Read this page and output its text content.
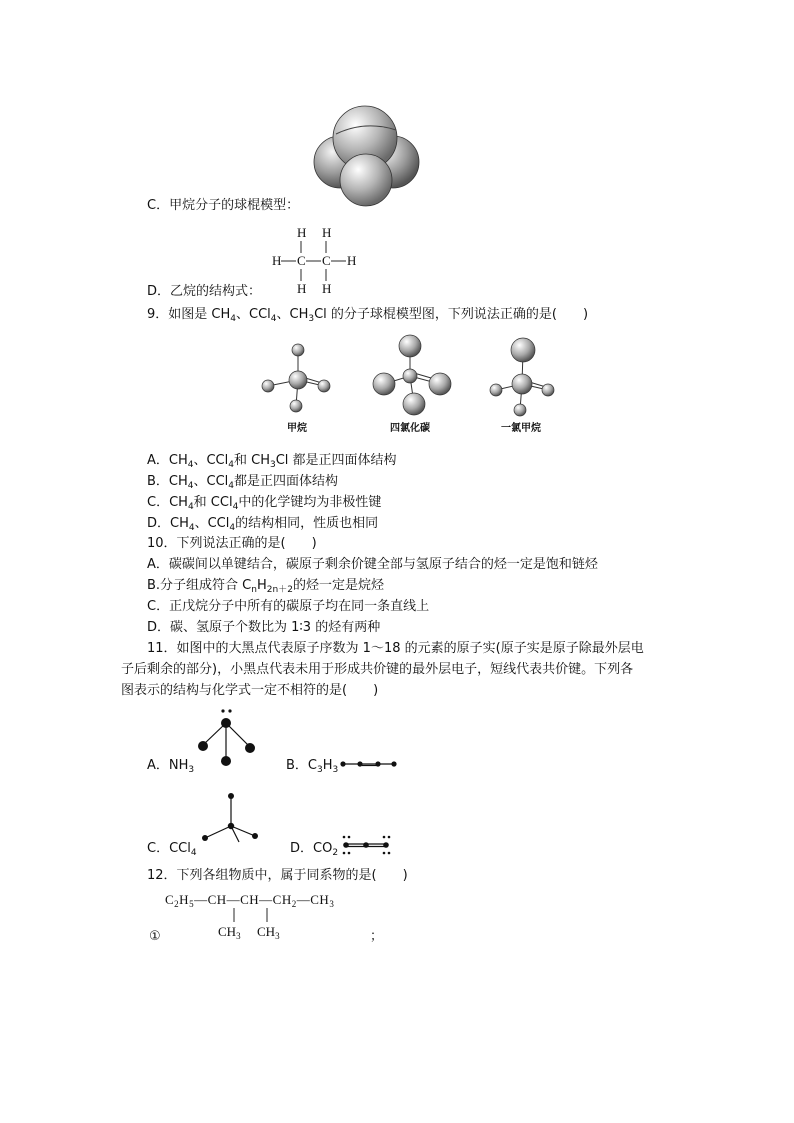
C．甲烷分子的球棍模型：
H H
H C C H
H H
D．乙烷的结构式：
9．如图是 $CH_4$、CCl$_4$、$CH_3Cl$ 的分子球棍模型图，下列说法正确的是(　　)
甲烷	四氯化碳	一氯甲烷
A．$CH_4$、CCl$_4$和 $CH_3Cl$ 都是正四面体结构
B．$CH_4$、CCl$_4$都是正四面体结构
C．$CH_4$和 CCl$_4$中的化学键均为非极性键
D．$CH_4$、CCl$_4$的结构相同，性质也相同
10．下列说法正确的是(　　)
A．碳碳间以单键结合，碳原子剩余价键全部与氢原子结合的烃一定是饱和链烃
B.分子组成符合 $C_nH_{2n+2}$的烃一定是烷烃
C．正戊烷分子中所有的碳原子均在同一条直线上
D．碳、氢原子个数比为 1∶3 的烃有两种
11．如图中的大黑点代表原子序数为 1～18 的元素的原子实(原子实是原子除最外层电
子后剩余的部分)，小黑点代表未用于形成共价键的最外层电子，短线代表共价键。下列各
图表示的结构与化学式一定不相符的是(　　)
A．$NH_3$	B．$C_3H_3$
C．CCl$_4$	D．$CO_2$
12．下列各组物质中，属于同系物的是(　　)
$C_2H_5—CH—CH—CH_2—CH_3$
①	$CH_3$ $CH_3$	；
